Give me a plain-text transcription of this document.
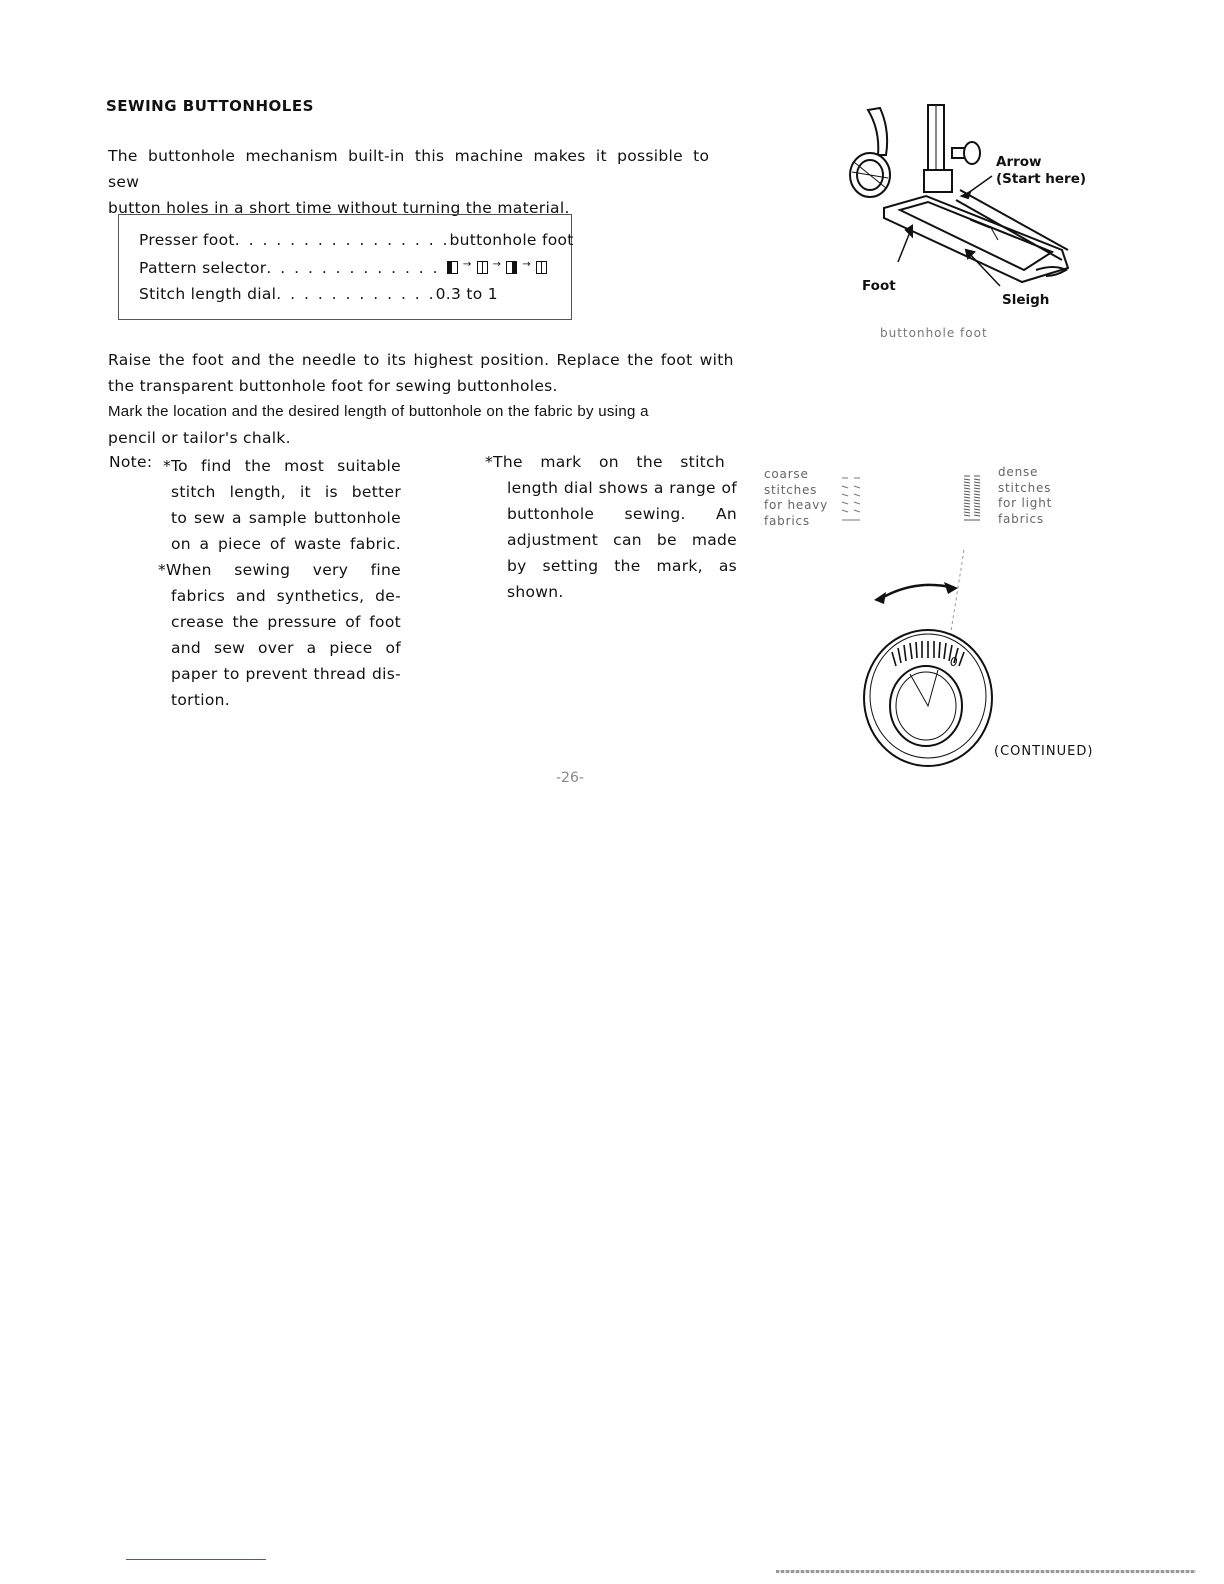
SEWING BUTTONHOLES
The buttonhole mechanism built-in this machine makes it possible to sew
button holes in a short time without turning the material.
Presser foot. . . . . . . . . . . . . . . .buttonhole foot
Pattern selector. . . . . . . . . . . . . → → →
Stitch length dial. . . . . . . . . . . .0.3 to 1
Raise the foot and the needle to its highest position. Replace the foot with
the transparent buttonhole foot for sewing buttonholes.
Mark the location and the desired length of buttonhole on the fabric by using a
pencil or tailor's chalk.
Note: *To find the most suitable
stitch length, it is better
to sew a sample buttonhole
on a piece of waste fabric.
*When sewing very fine
fabrics and synthetics, de-
crease the pressure of foot
and sew over a piece of
paper to prevent thread dis-
tortion.
*The mark on the stitch
length dial shows a range of
buttonhole sewing. An
adjustment can be made
by setting the mark, as
shown.
Arrow
(Start here)
Foot
Sleigh
buttonhole foot
coarse
stitches
for heavy
fabrics
dense
stitches
for light
fabrics
0
(CONTINUED)
-26-
